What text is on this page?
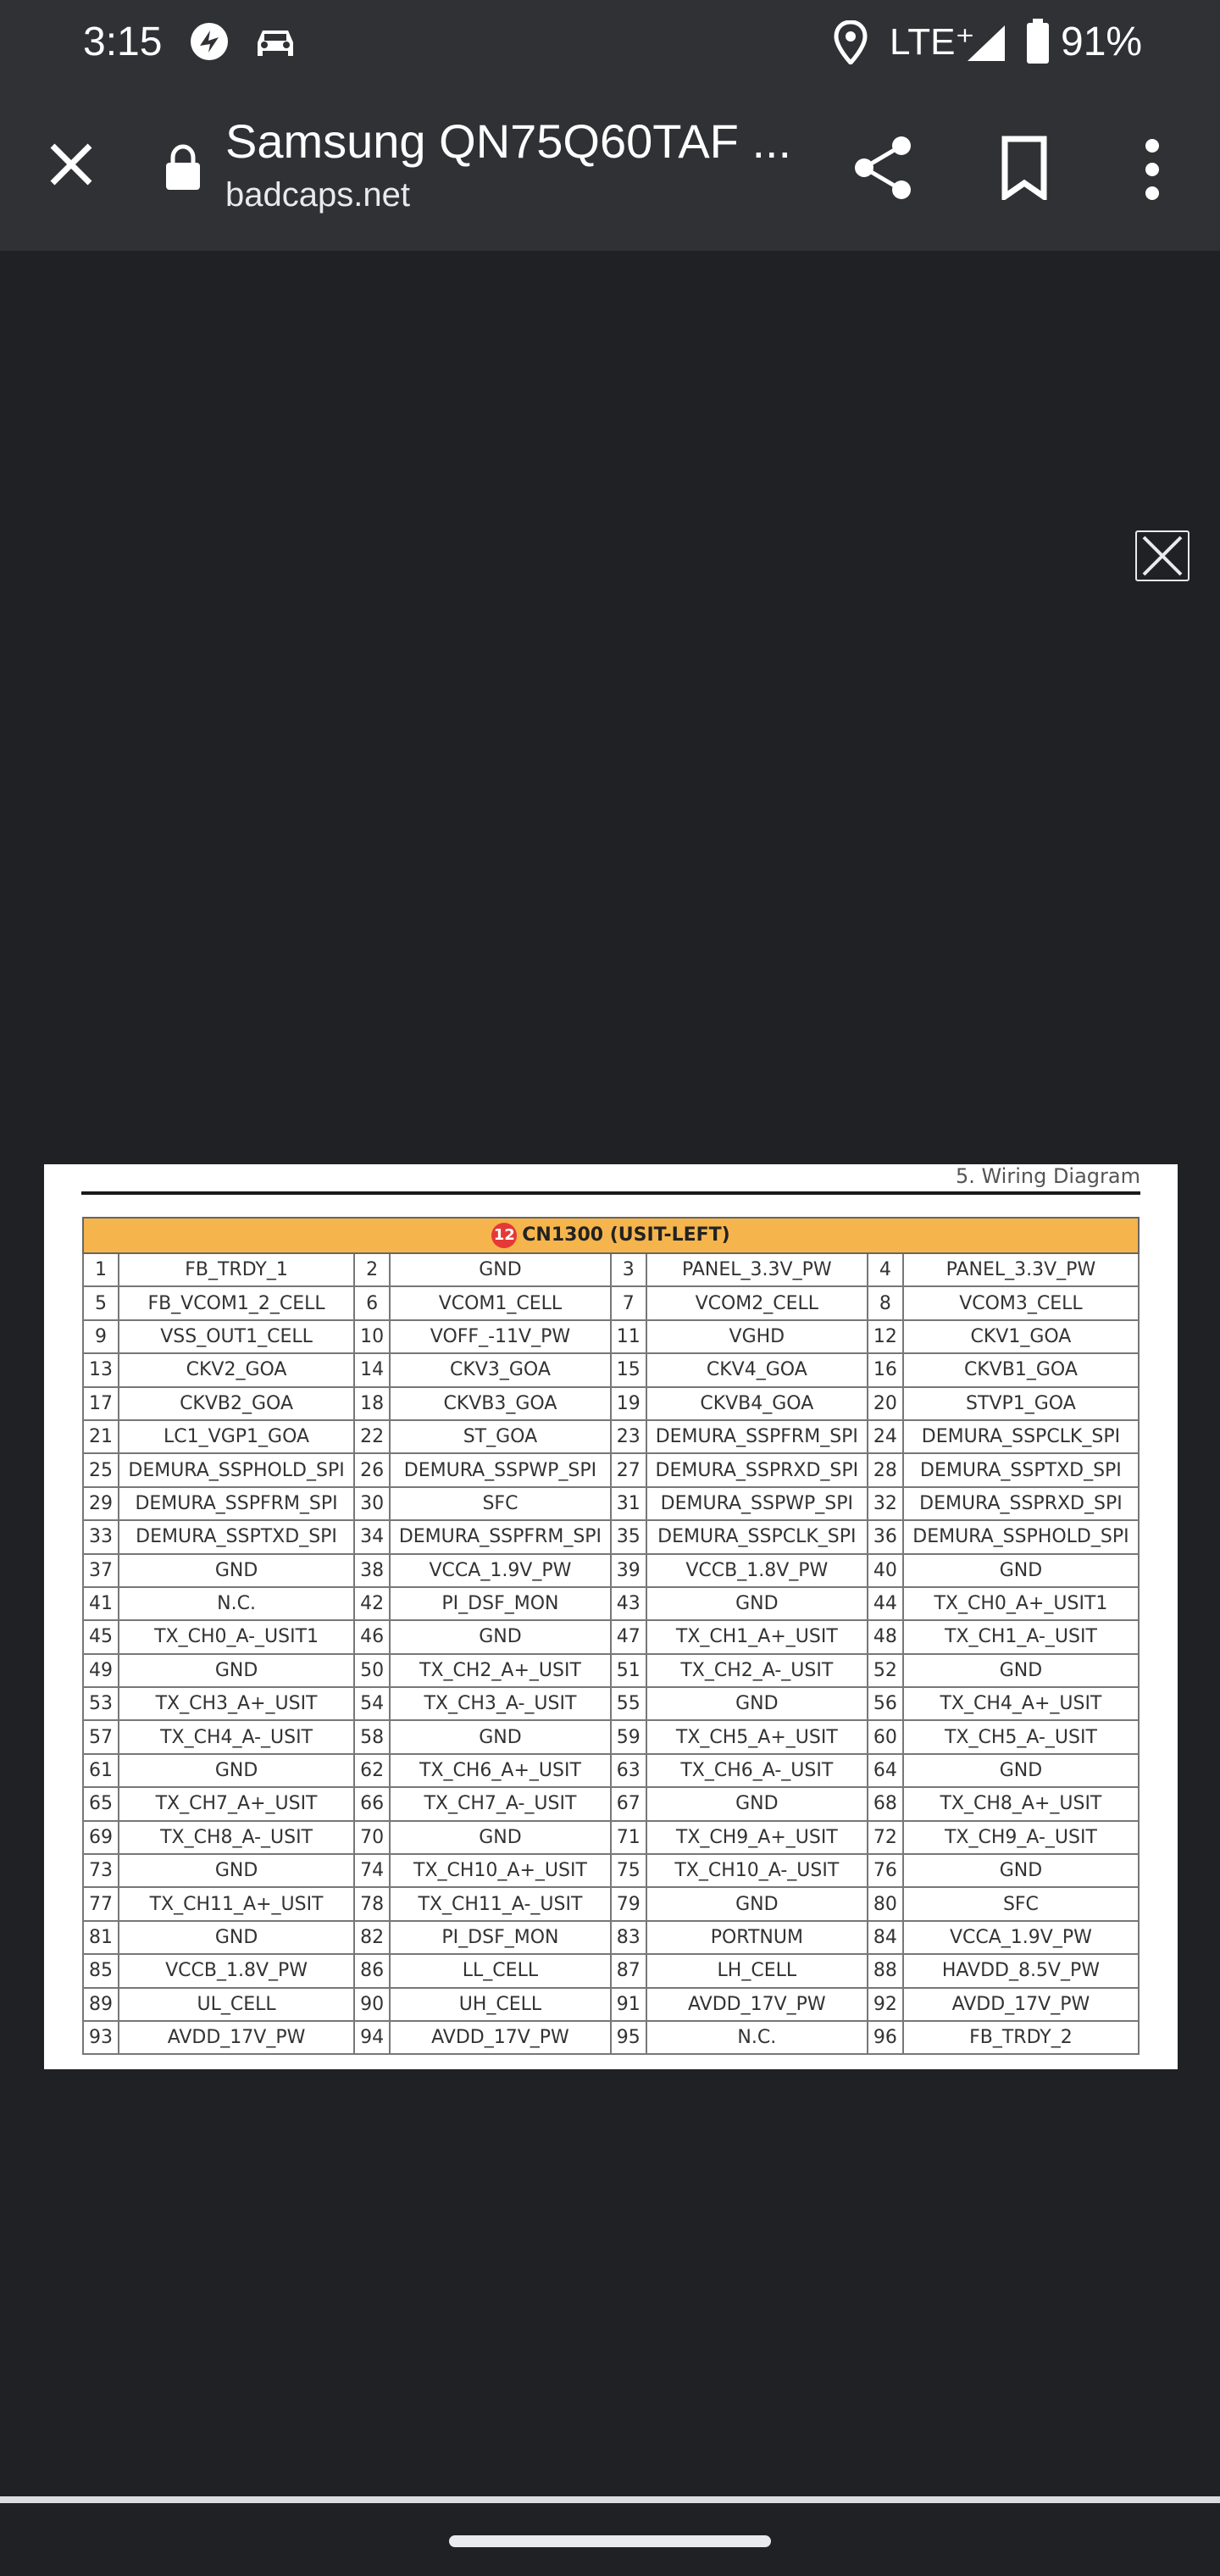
3:15	LTE⁺ 91%
Samsung QN75Q60TAF ...
badcaps.net
5. Wiring Diagram
12 CN1300 (USIT-LEFT)							
1	FB_TRDY_1	2	GND	3	PANEL_3.3V_PW	4	PANEL_3.3V_PW
5	FB_VCOM1_2_CELL	6	VCOM1_CELL	7	VCOM2_CELL	8	VCOM3_CELL
9	VSS_OUT1_CELL	10	VOFF_-11V_PW	11	VGHD	12	CKV1_GOA
13	CKV2_GOA	14	CKV3_GOA	15	CKV4_GOA	16	CKVB1_GOA
17	CKVB2_GOA	18	CKVB3_GOA	19	CKVB4_GOA	20	STVP1_GOA
21	LC1_VGP1_GOA	22	ST_GOA	23	DEMURA_SSPFRM_SPI	24	DEMURA_SSPCLK_SPI
25	DEMURA_SSPHOLD_SPI	26	DEMURA_SSPWP_SPI	27	DEMURA_SSPRXD_SPI	28	DEMURA_SSPTXD_SPI
29	DEMURA_SSPFRM_SPI	30	SFC	31	DEMURA_SSPWP_SPI	32	DEMURA_SSPRXD_SPI
33	DEMURA_SSPTXD_SPI	34	DEMURA_SSPFRM_SPI	35	DEMURA_SSPCLK_SPI	36	DEMURA_SSPHOLD_SPI
37	GND	38	VCCA_1.9V_PW	39	VCCB_1.8V_PW	40	GND
41	N.C.	42	PI_DSF_MON	43	GND	44	TX_CH0_A+_USIT1
45	TX_CH0_A-_USIT1	46	GND	47	TX_CH1_A+_USIT	48	TX_CH1_A-_USIT
49	GND	50	TX_CH2_A+_USIT	51	TX_CH2_A-_USIT	52	GND
53	TX_CH3_A+_USIT	54	TX_CH3_A-_USIT	55	GND	56	TX_CH4_A+_USIT
57	TX_CH4_A-_USIT	58	GND	59	TX_CH5_A+_USIT	60	TX_CH5_A-_USIT
61	GND	62	TX_CH6_A+_USIT	63	TX_CH6_A-_USIT	64	GND
65	TX_CH7_A+_USIT	66	TX_CH7_A-_USIT	67	GND	68	TX_CH8_A+_USIT
69	TX_CH8_A-_USIT	70	GND	71	TX_CH9_A+_USIT	72	TX_CH9_A-_USIT
73	GND	74	TX_CH10_A+_USIT	75	TX_CH10_A-_USIT	76	GND
77	TX_CH11_A+_USIT	78	TX_CH11_A-_USIT	79	GND	80	SFC
81	GND	82	PI_DSF_MON	83	PORTNUM	84	VCCA_1.9V_PW
85	VCCB_1.8V_PW	86	LL_CELL	87	LH_CELL	88	HAVDD_8.5V_PW
89	UL_CELL	90	UH_CELL	91	AVDD_17V_PW	92	AVDD_17V_PW
93	AVDD_17V_PW	94	AVDD_17V_PW	95	N.C.	96	FB_TRDY_2
